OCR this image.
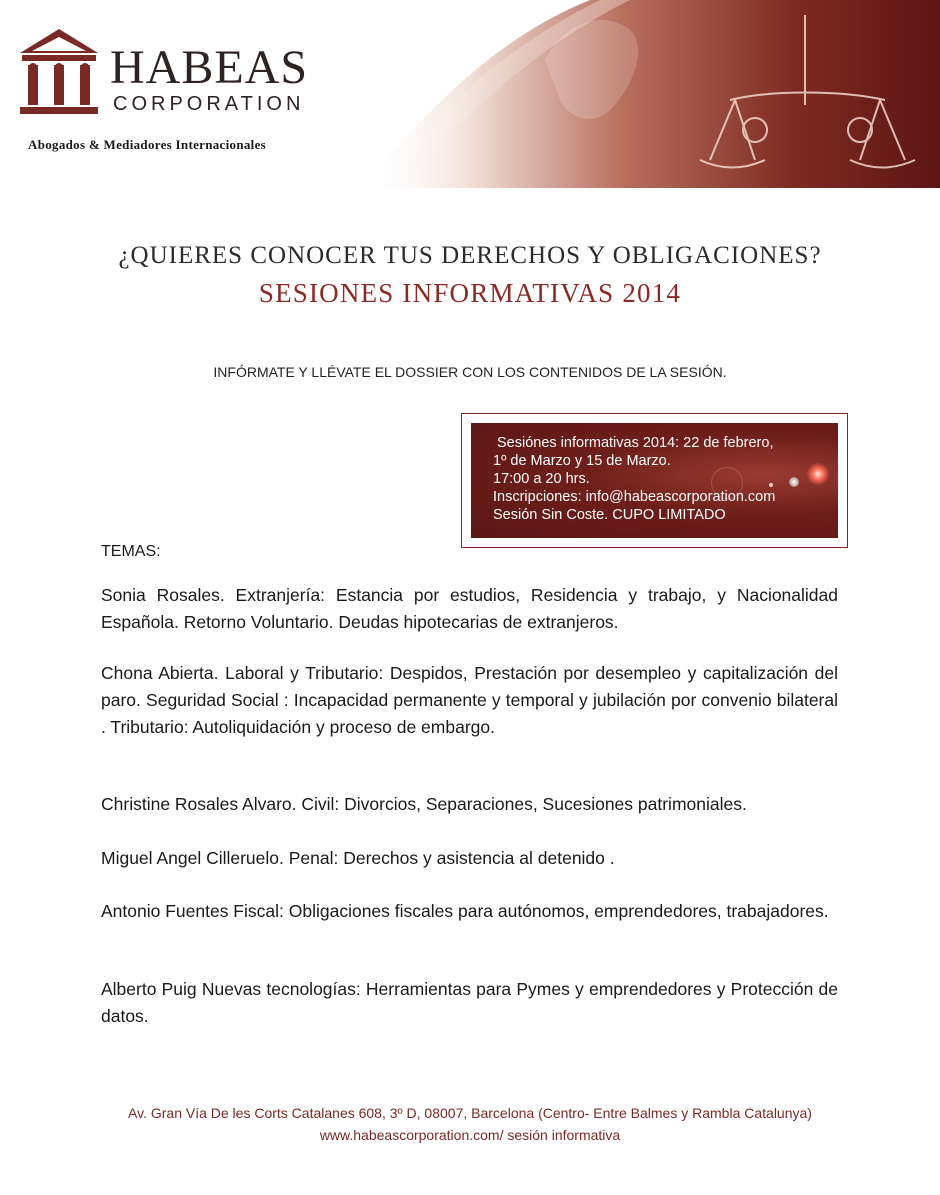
HABEAS
CORPORATION
Abogados & Mediadores Internacionales
¿QUIERES CONOCER TUS DERECHOS Y OBLIGACIONES?
SESIONES INFORMATIVAS 2014
INFÓRMATE Y LLÉVATE EL DOSSIER CON LOS CONTENIDOS DE LA SESIÓN.
Sesiónes informativas 2014: 22 de febrero,
1º de Marzo y 15 de Marzo.
17:00 a 20 hrs.
Inscripciones: info@habeascorporation.com
Sesión Sin Coste. CUPO LIMITADO
TEMAS:
Sonia Rosales. Extranjería: Estancia por estudios, Residencia y trabajo, y Nacionalidad Española. Retorno Voluntario. Deudas hipotecarias de extranjeros.
Chona Abierta. Laboral y Tributario: Despidos, Prestación por desempleo y capitalización del paro. Seguridad Social : Incapacidad permanente y temporal y jubilación por convenio bilateral . Tributario: Autoliquidación y proceso de embargo.
Christine Rosales Alvaro. Civil: Divorcios, Separaciones, Sucesiones patrimoniales.
Miguel Angel Cilleruelo. Penal: Derechos y asistencia al detenido .
Antonio Fuentes Fiscal: Obligaciones fiscales para autónomos, emprendedores, trabajadores.
Alberto Puig Nuevas tecnologías: Herramientas para Pymes y emprendedores y Protección de datos.
Av. Gran Vía De les Corts Catalanes 608, 3º D, 08007, Barcelona (Centro- Entre Balmes y Rambla Catalunya)
www.habeascorporation.com/ sesión informativa
